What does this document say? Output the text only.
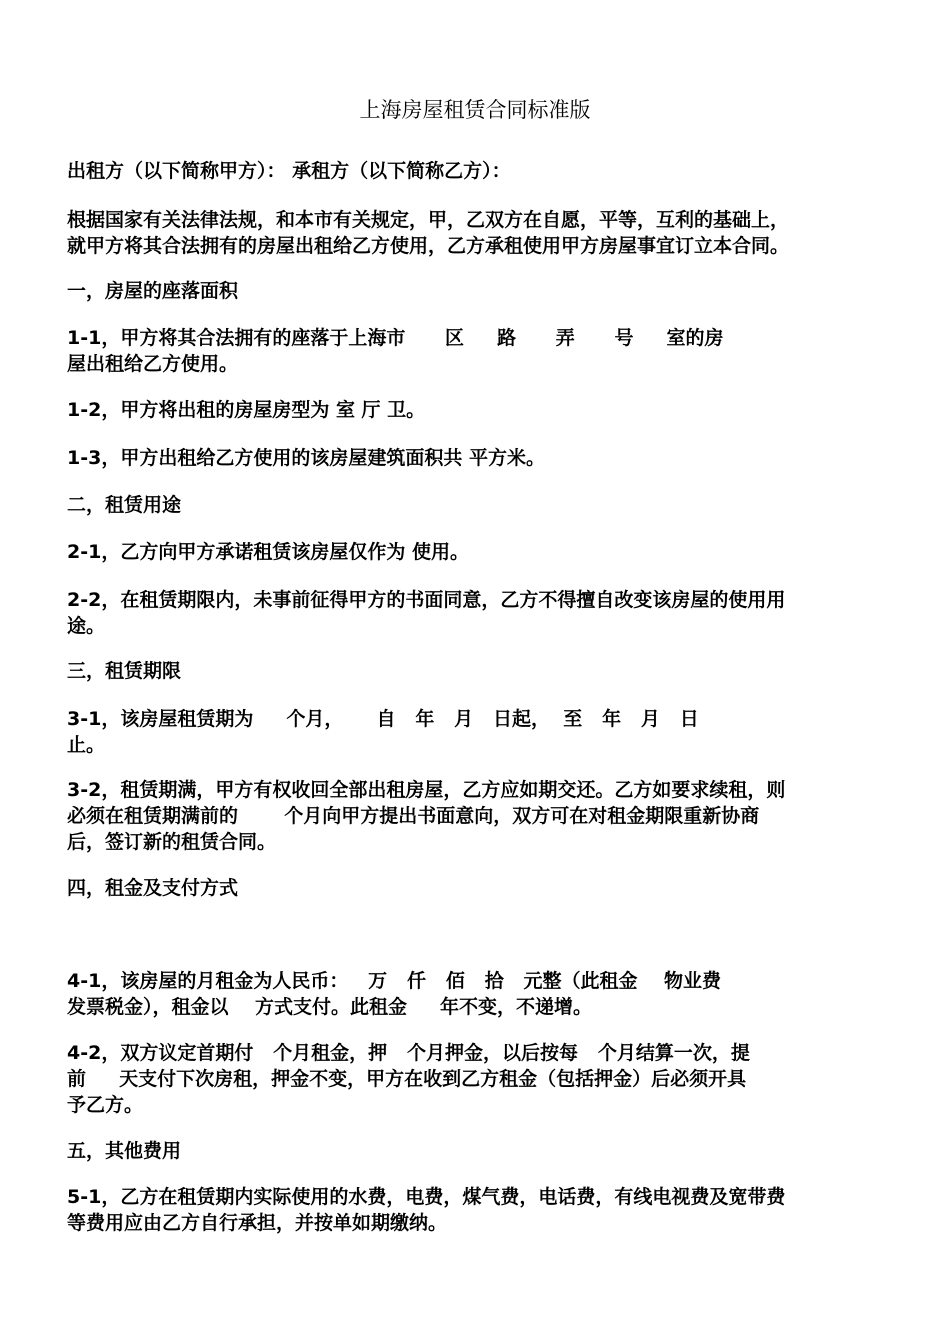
上海房屋租赁合同标准版
出租方（以下简称甲方）： 承租方（以下简称乙方）：
根据国家有关法律法规，和本市有关规定，甲，乙双方在自愿，平等，互利的基础上，
就甲方将其合法拥有的房屋出租给乙方使用，乙方承租使用甲方房屋事宜订立本合同。
一，房屋的座落面积
1-1，甲方将其合法拥有的座落于上海市      区     路      弄      号     室的房
屋出租给乙方使用。
1-2，甲方将出租的房屋房型为 室 厅 卫。
1-3，甲方出租给乙方使用的该房屋建筑面积共 平方米。
二，租赁用途
2-1，乙方向甲方承诺租赁该房屋仅作为 使用。
2-2，在租赁期限内，未事前征得甲方的书面同意，乙方不得擅自改变该房屋的使用用
途。
三，租赁期限
3-1，该房屋租赁期为     个月，     自   年   月   日起，  至   年   月   日
止。
3-2，租赁期满，甲方有权收回全部出租房屋，乙方应如期交还。乙方如要求续租，则
必须在租赁期满前的       个月向甲方提出书面意向，双方可在对租金期限重新协商
后，签订新的租赁合同。
四，租金及支付方式
4-1，该房屋的月租金为人民币：   万   仟   佰   拾   元整（此租金    物业费
发票税金），租金以    方式支付。此租金     年不变，不递增。
4-2，双方议定首期付   个月租金，押   个月押金，以后按每   个月结算一次，提
前     天支付下次房租，押金不变，甲方在收到乙方租金（包括押金）后必须开具
予乙方。
五，其他费用
5-1，乙方在租赁期内实际使用的水费，电费，煤气费，电话费，有线电视费及宽带费
等费用应由乙方自行承担，并按单如期缴纳。
